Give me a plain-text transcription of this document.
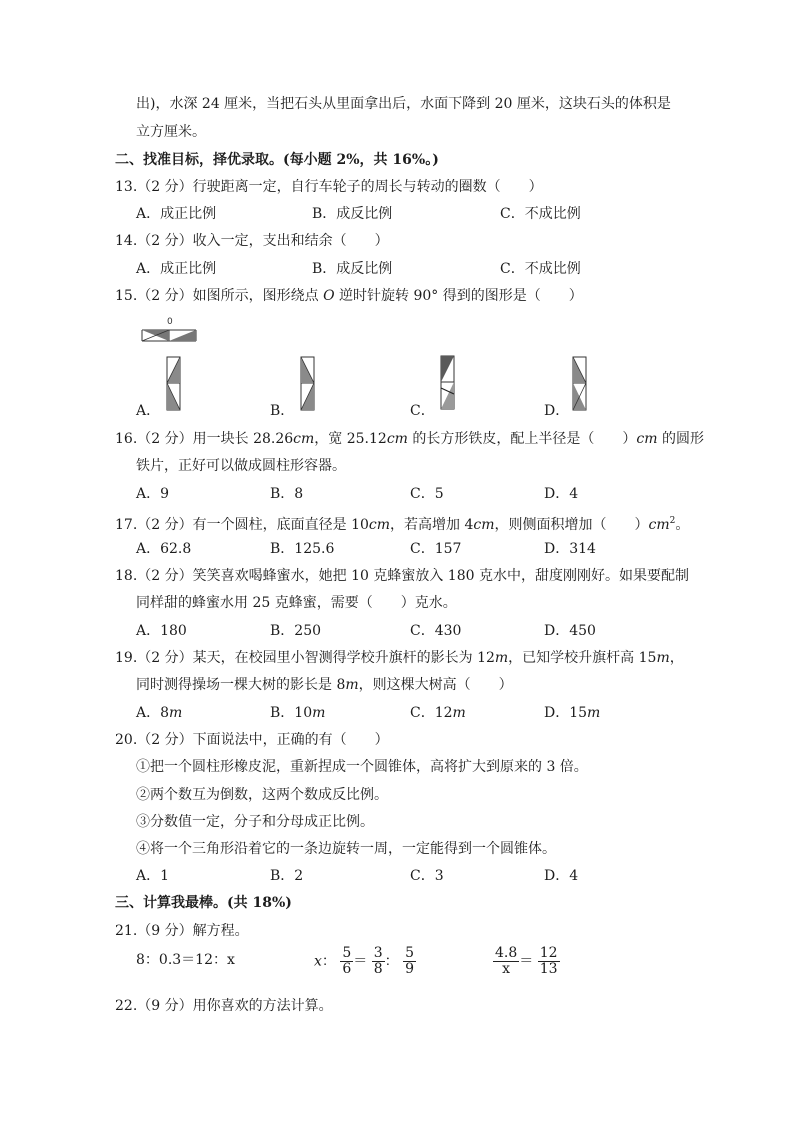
出)，水深 24 厘米，当把石头从里面拿出后，水面下降到 20 厘米，这块石头的体积是
立方厘米。
二、找准目标，择优录取。(每小题 2%，共 16%。)
13.（2 分）行驶距离一定，自行车轮子的周长与转动的圈数（　　）
A．成正比例	B．成反比例	C．不成比例
14.（2 分）收入一定，支出和结余（　　）
A．成正比例	B．成反比例	C．不成比例
15.（2 分）如图所示，图形绕点 O 逆时针旋转 90° 得到的图形是（　　）
0
A．	B．	C．	D．
16.（2 分）用一块长 28.26cm，宽 25.12cm 的长方形铁皮，配上半径是（　　）cm 的圆形
铁片，正好可以做成圆柱形容器。
A．9	B．8	C．5	D．4
17.（2 分）有一个圆柱，底面直径是 10cm，若高增加 4cm，则侧面积增加（　　）$cm^2$。
A．62.8	B．125.6	C．157	D．314
18.（2 分）笑笑喜欢喝蜂蜜水，她把 10 克蜂蜜放入 180 克水中，甜度刚刚好。如果要配制
同样甜的蜂蜜水用 25 克蜂蜜，需要（　　）克水。
A．180	B．250	C．430	D．450
19.（2 分）某天，在校园里小智测得学校升旗杆的影长为 12m，已知学校升旗杆高 15m，
同时测得操场一棵大树的影长是 8m，则这棵大树高（　　）
A．8m	B．10m	C．12m	D．15m
20.（2 分）下面说法中，正确的有（　　）
①把一个圆柱形橡皮泥，重新捏成一个圆锥体，高将扩大到原来的 3 倍。
②两个数互为倒数，这两个数成反比例。
③分数值一定，分子和分母成正比例。
④将一个三角形沿着它的一条边旋转一周，一定能得到一个圆锥体。
A．1	B．2	C．3	D．4
三、计算我最棒。(共 18%)
21.（9 分）解方程。
8：0.3＝12：x	x： $\frac{5}{6} = \frac{3}{8}$ ： $\frac{5}{9}$	$\frac{4.8}{x} = \frac{12}{13}$
22.（9 分）用你喜欢的方法计算。
